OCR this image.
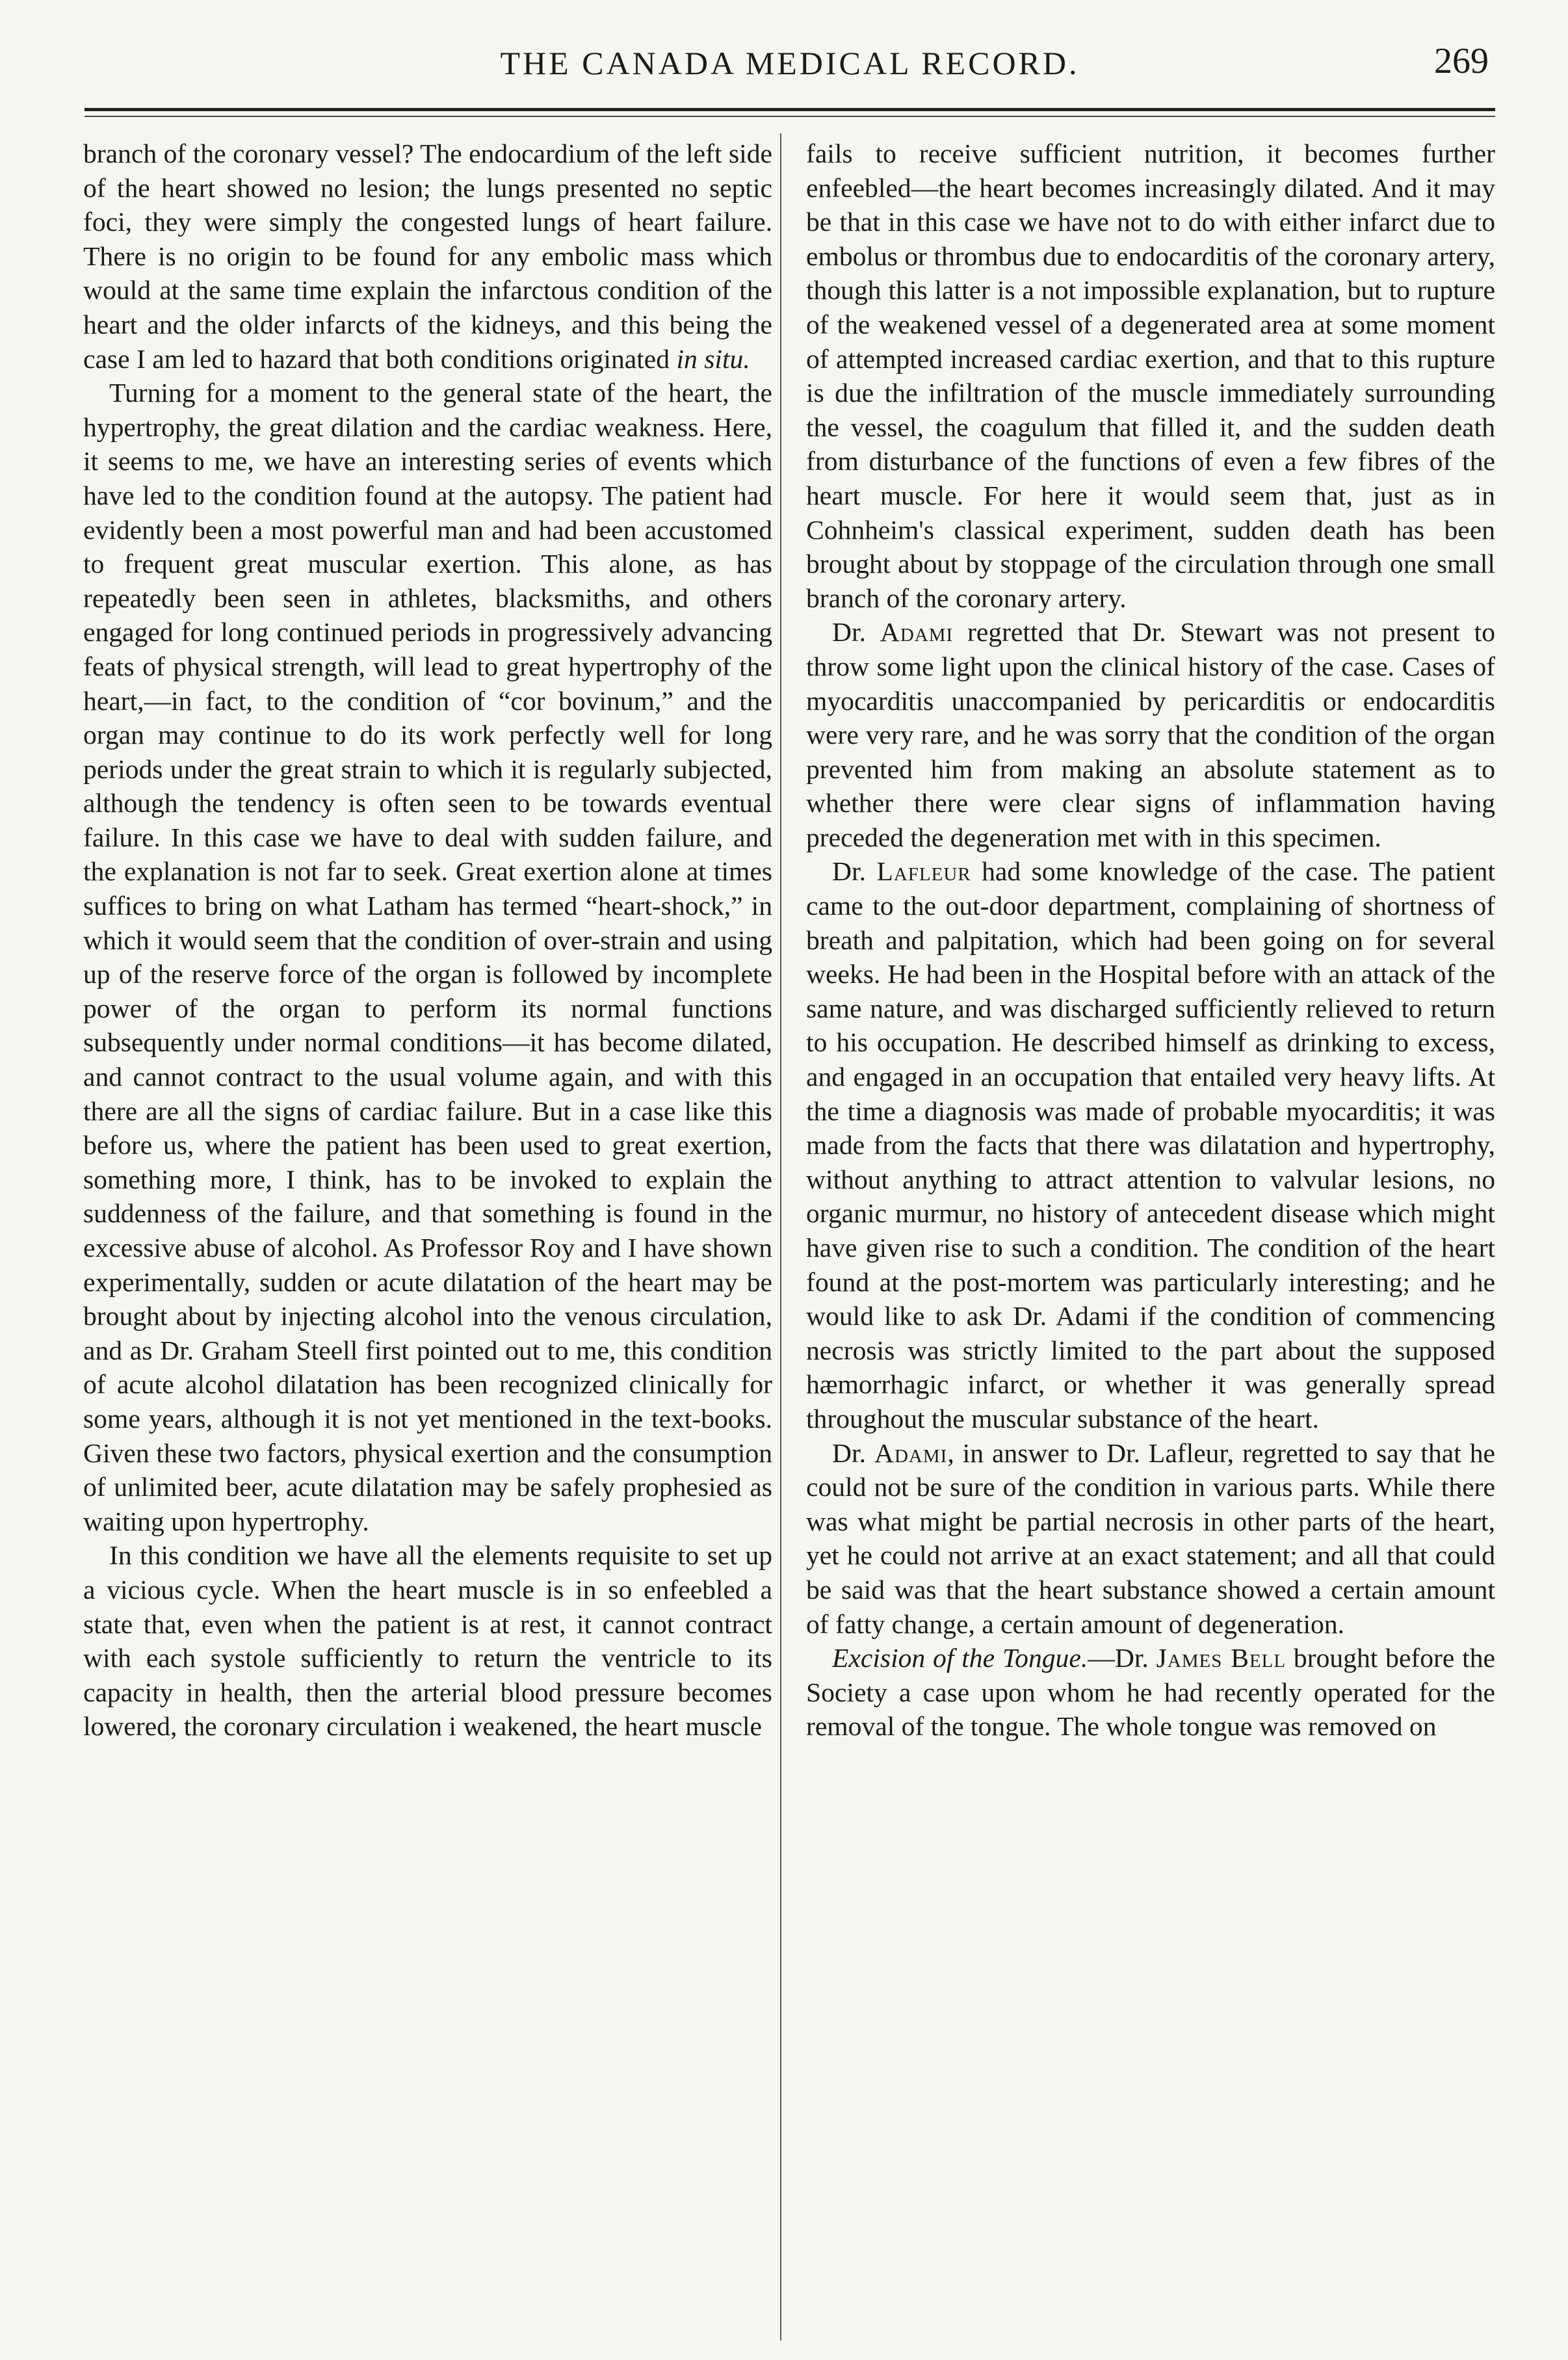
THE CANADA MEDICAL RECORD.	269

branch of the coronary vessel? The endocardium of the left side of the heart showed no lesion; the lungs presented no septic foci, they were simply the congested lungs of heart failure. There is no origin to be found for any embolic mass which would at the same time explain the infarctous condition of the heart and the older infarcts of the kidneys, and this being the case I am led to hazard that both conditions originated in situ.

Turning for a moment to the general state of the heart, the hypertrophy, the great dilation and the cardiac weakness. Here, it seems to me, we have an interesting series of events which have led to the condition found at the autopsy. The patient had evidently been a most powerful man and had been accustomed to frequent great muscular exertion. This alone, as has repeatedly been seen in athletes, blacksmiths, and others engaged for long continued periods in progressively advancing feats of physical strength, will lead to great hypertrophy of the heart,—in fact, to the condition of “cor bovinum,” and the organ may continue to do its work perfectly well for long periods under the great strain to which it is regularly subjected, although the tendency is often seen to be towards eventual failure. In this case we have to deal with sudden failure, and the explanation is not far to seek. Great exertion alone at times suffices to bring on what Latham has termed “heart-shock,” in which it would seem that the condition of over-strain and using up of the reserve force of the organ is followed by incomplete power of the organ to perform its normal functions subsequently under normal conditions—it has become dilated, and cannot contract to the usual volume again, and with this there are all the signs of cardiac failure. But in a case like this before us, where the patient has been used to great exertion, something more, I think, has to be invoked to explain the suddenness of the failure, and that something is found in the excessive abuse of alcohol. As Professor Roy and I have shown experimentally, sudden or acute dilatation of the heart may be brought about by injecting alcohol into the venous circulation, and as Dr. Graham Steell first pointed out to me, this condition of acute alcohol dilatation has been recognized clinically for some years, although it is not yet mentioned in the text-books. Given these two factors, physical exertion and the consumption of unlimited beer, acute dilatation may be safely prophesied as waiting upon hypertrophy.

In this condition we have all the elements requisite to set up a vicious cycle. When the heart muscle is in so enfeebled a state that, even when the patient is at rest, it cannot contract with each systole sufficiently to return the ventricle to its capacity in health, then the arterial blood pressure becomes lowered, the coronary circulation i weakened, the heart muscle

fails to receive sufficient nutrition, it becomes further enfeebled—the heart becomes increasingly dilated. And it may be that in this case we have not to do with either infarct due to embolus or thrombus due to endocarditis of the coronary artery, though this latter is a not impossible explanation, but to rupture of the weakened vessel of a degenerated area at some moment of attempted increased cardiac exertion, and that to this rupture is due the infiltration of the muscle immediately surrounding the vessel, the coagulum that filled it, and the sudden death from disturbance of the functions of even a few fibres of the heart muscle. For here it would seem that, just as in Cohnheim's classical experiment, sudden death has been brought about by stoppage of the circulation through one small branch of the coronary artery.

Dr. Adami regretted that Dr. Stewart was not present to throw some light upon the clinical history of the case. Cases of myocarditis unaccompanied by pericarditis or endocarditis were very rare, and he was sorry that the condition of the organ prevented him from making an absolute statement as to whether there were clear signs of inflammation having preceded the degeneration met with in this specimen.

Dr. Lafleur had some knowledge of the case. The patient came to the out-door department, complaining of shortness of breath and palpitation, which had been going on for several weeks. He had been in the Hospital before with an attack of the same nature, and was discharged sufficiently relieved to return to his occupation. He described himself as drinking to excess, and engaged in an occupation that entailed very heavy lifts. At the time a diagnosis was made of probable myocarditis; it was made from the facts that there was dilatation and hypertrophy, without anything to attract attention to valvular lesions, no organic murmur, no history of antecedent disease which might have given rise to such a condition. The condition of the heart found at the post-mortem was particularly interesting; and he would like to ask Dr. Adami if the condition of commencing necrosis was strictly limited to the part about the supposed hæmorrhagic infarct, or whether it was generally spread throughout the muscular substance of the heart.

Dr. Adami, in answer to Dr. Lafleur, regretted to say that he could not be sure of the condition in various parts. While there was what might be partial necrosis in other parts of the heart, yet he could not arrive at an exact statement; and all that could be said was that the heart substance showed a certain amount of fatty change, a certain amount of degeneration.

Excision of the Tongue.—Dr. James Bell brought before the Society a case upon whom he had recently operated for the removal of the tongue. The whole tongue was removed on
